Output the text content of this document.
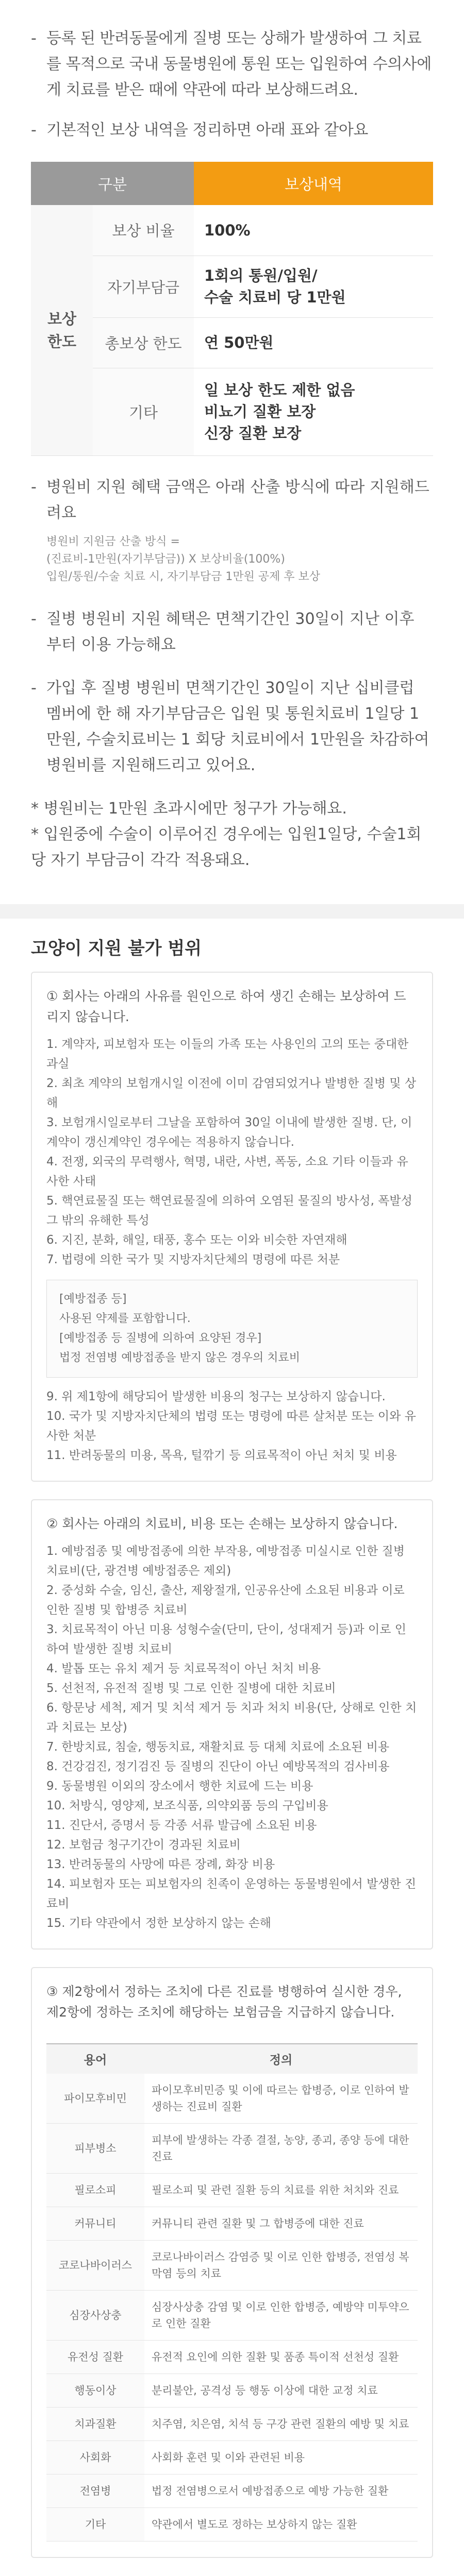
- 등록 된 반려동물에게 질병 또는 상해가 발생하여 그 치료를 목적으로 국내 동물병원에 통원 또는 입원하여 수의사에게 치료를 받은 때에 약관에 따라 보상해드려요.

- 기본적인 보상 내역을 정리하면 아래 표와 같아요

구분		보상내역
보상
한도	보상 비율	100%
	자기부담금	1회의 통원/입원/
수술 치료비 당 1만원
	총보상 한도	연 50만원
	기타	일 보상 한도 제한 없음
비뇨기 질환 보장
신장 질환 보장
- 병원비 지원 혜택 금액은 아래 산출 방식에 따라 지원해드려요

병원비 지원금 산출 방식 =
(진료비-1만원(자기부담금)) X 보상비율(100%)
입원/통원/수술 치료 시, 자기부담금 1만원 공제 후 보상
- 질병 병원비 지원 혜택은 면책기간인 30일이 지난 이후 부터 이용 가능해요

- 가입 후 질병 병원비 면책기간인 30일이 지난 십비클럽 멤버에 한 해 자기부담금은 입원 및 통원치료비 1일당 1만원, 수술치료비는 1 회당 치료비에서 1만원을 차감하여 병원비를 지원해드리고 있어요.

* 병원비는 1만원 초과시에만 청구가 가능해요.

* 입원중에 수술이 이루어진 경우에는 입원1일당, 수술1회당 자기 부담금이 각각 적용돼요.

고양이 지원 불가 범위

① 회사는 아래의 사유를 원인으로 하여 생긴 손해는 보상하여 드리지 않습니다.

1. 계약자, 피보험자 또는 이들의 가족 또는 사용인의 고의 또는 중대한 과실

2. 최초 계약의 보험개시일 이전에 이미 감염되었거나 발병한 질병 및 상해

3. 보험개시일로부터 그날을 포함하여 30일 이내에 발생한 질병. 단, 이 계약이 갱신계약인 경우에는 적용하지 않습니다.

4. 전쟁, 외국의 무력행사, 혁명, 내란, 사변, 폭동, 소요 기타 이들과 유사한 사태

5. 핵연료물질 또는 핵연료물질에 의하여 오염된 물질의 방사성, 폭발성 그 밖의 유해한 특성

6. 지진, 분화, 해일, 태풍, 홍수 또는 이와 비슷한 자연재해

7. 법령에 의한 국가 및 지방자치단체의 명령에 따른 처분

[예방접종 등]

사용된 약제를 포함합니다.

[예방접종 등 질병에 의하여 요양된 경우]

법정 전염병 예방접종을 받지 않은 경우의 치료비

9. 위 제1항에 해당되어 발생한 비용의 청구는 보상하지 않습니다.

10. 국가 및 지방자치단체의 법령 또는 명령에 따른 살처분 또는 이와 유사한 처분

11. 반려동물의 미용, 목욕, 털깎기 등 의료목적이 아닌 처치 및 비용

② 회사는 아래의 치료비, 비용 또는 손해는 보상하지 않습니다.

1. 예방접종 및 예방접종에 의한 부작용, 예방접종 미실시로 인한 질병 치료비(단, 광견병 예방접종은 제외)

2. 중성화 수술, 임신, 출산, 제왕절개, 인공유산에 소요된 비용과 이로 인한 질병 및 합병증 치료비

3. 치료목적이 아닌 미용 성형수술(단미, 단이, 성대제거 등)과 이로 인하여 발생한 질병 치료비

4. 발톱 또는 유치 제거 등 치료목적이 아닌 처치 비용

5. 선천적, 유전적 질병 및 그로 인한 질병에 대한 치료비

6. 항문낭 세척, 제거 및 치석 제거 등 치과 처치 비용(단, 상해로 인한 치과 치료는 보상)

7. 한방치료, 침술, 행동치료, 재활치료 등 대체 치료에 소요된 비용

8. 건강검진, 정기검진 등 질병의 진단이 아닌 예방목적의 검사비용

9. 동물병원 이외의 장소에서 행한 치료에 드는 비용

10. 처방식, 영양제, 보조식품, 의약외품 등의 구입비용

11. 진단서, 증명서 등 각종 서류 발급에 소요된 비용

12. 보험금 청구기간이 경과된 치료비

13. 반려동물의 사망에 따른 장례, 화장 비용

14. 피보험자 또는 피보험자의 친족이 운영하는 동물병원에서 발생한 진료비

15. 기타 약관에서 정한 보상하지 않는 손해

③ 제2항에서 정하는 조치에 다른 진료를 병행하여 실시한 경우, 제2항에 정하는 조치에 해당하는 보험금을 지급하지 않습니다.

용어	정의
파이모후비민	파이모후비민증 및 이에 따르는 합병증, 이로 인하여 발생하는 진료비 질환
피부병소	피부에 발생하는 각종 결절, 농양, 종괴, 종양 등에 대한 진료
필로소피	필로소피 및 관련 질환 등의 치료를 위한 처치와 진료
커뮤니티	커뮤니티 관련 질환 및 그 합병증에 대한 진료
코로나바이러스	코로나바이러스 감염증 및 이로 인한 합병증, 전염성 복막염 등의 치료
심장사상충	심장사상충 감염 및 이로 인한 합병증, 예방약 미투약으로 인한 질환
유전성 질환	유전적 요인에 의한 질환 및 품종 특이적 선천성 질환
행동이상	분리불안, 공격성 등 행동 이상에 대한 교정 치료
치과질환	치주염, 치은염, 치석 등 구강 관련 질환의 예방 및 치료
사회화	사회화 훈련 및 이와 관련된 비용
전염병	법정 전염병으로서 예방접종으로 예방 가능한 질환
기타	약관에서 별도로 정하는 보상하지 않는 질환
